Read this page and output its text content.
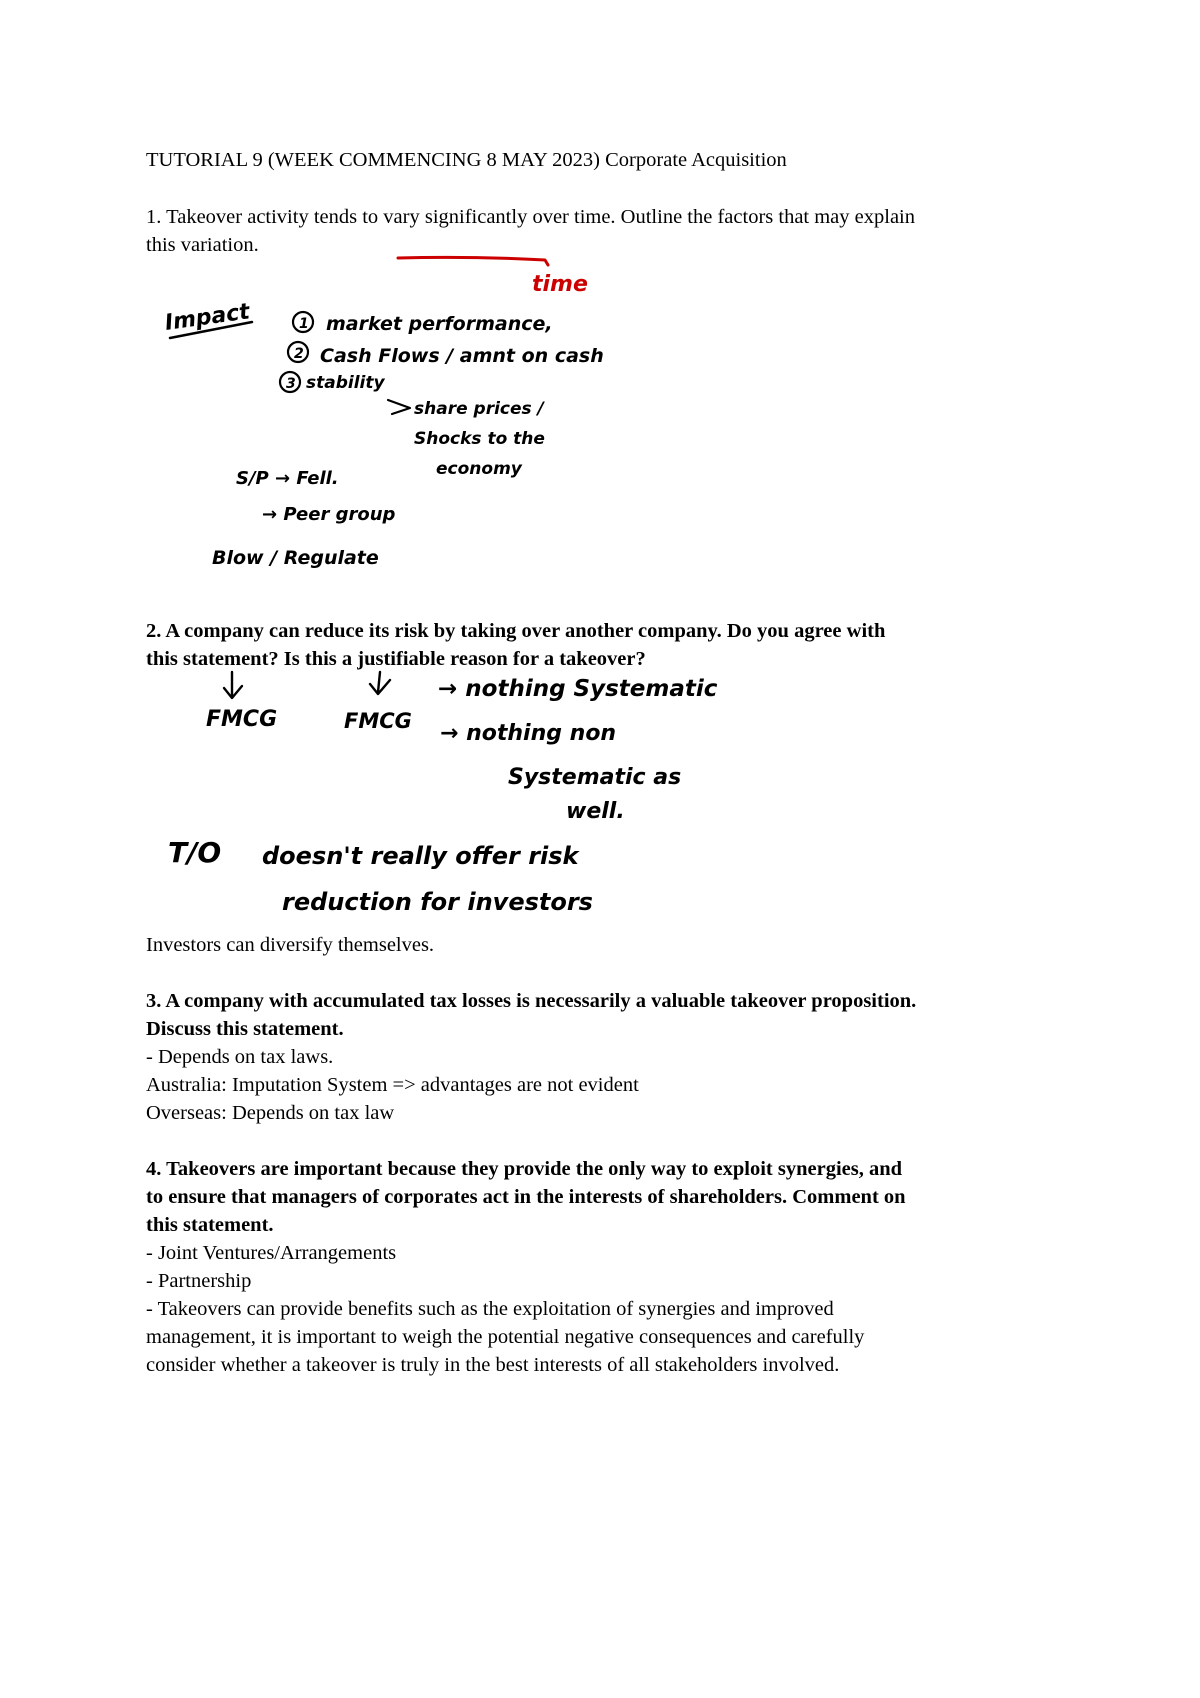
TUTORIAL 9 (WEEK COMMENCING 8 MAY 2023) Corporate Acquisition
1. Takeover activity tends to vary significantly over time. Outline the factors that may explain
this variation.
time
Impact	1 market performance,
2 Cash Flows / amnt on cash
3 stability
share prices /
Shocks to the
economy
S/P → Fell.
→ Peer group
Blow / Regulate
2. A company can reduce its risk by taking over another company. Do you agree with
this statement? Is this a justifiable reason for a takeover?
FMCG	FMCG
→ nothing Systematic
→ nothing non
Systematic as
well.
T/O doesn't really offer risk
reduction for investors
Investors can diversify themselves.
3. A company with accumulated tax losses is necessarily a valuable takeover proposition.
Discuss this statement.
- Depends on tax laws.
Australia: Imputation System => advantages are not evident
Overseas: Depends on tax law
4. Takeovers are important because they provide the only way to exploit synergies, and
to ensure that managers of corporates act in the interests of shareholders. Comment on
this statement.
- Joint Ventures/Arrangements
- Partnership
- Takeovers can provide benefits such as the exploitation of synergies and improved
management, it is important to weigh the potential negative consequences and carefully
consider whether a takeover is truly in the best interests of all stakeholders involved.
